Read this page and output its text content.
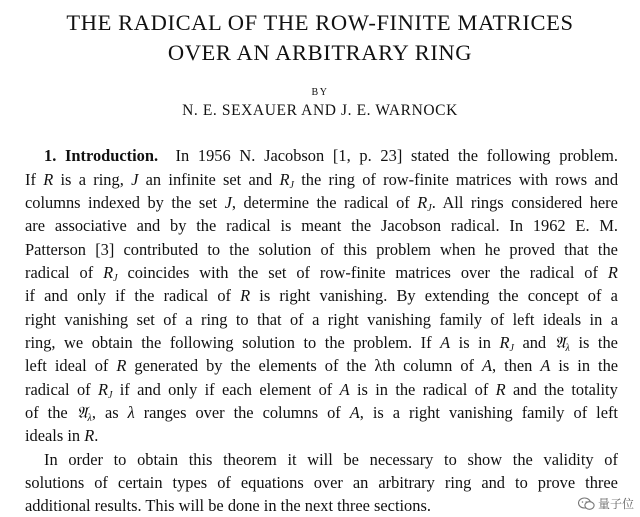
THE RADICAL OF THE ROW-FINITE MATRICES
OVER AN ARBITRARY RING
BY
N. E. SEXAUER AND J. E. WARNOCK
1. Introduction. In 1956 N. Jacobson [1, p. 23] stated the following problem.
If R is a ring, J an infinite set and $R_J$ the ring of row-finite matrices with rows and
columns indexed by the set J, determine the radical of $R_J$. All rings considered here
are associative and by the radical is meant the Jacobson radical. In 1962 E. M.
Patterson [3] contributed to the solution of this problem when he proved that the
radical of $R_J$ coincides with the set of row-finite matrices over the radical of R
if and only if the radical of R is right vanishing. By extending the concept of a
right vanishing set of a ring to that of a right vanishing family of left ideals in a
ring, we obtain the following solution to the problem. If A is in $R_J$ and 𝔄$_\lambda$ is the
left ideal of R generated by the elements of the λth column of A, then A is in the
radical of $R_J$ if and only if each element of A is in the radical of R and the totality
of the 𝔄$_\lambda$, as λ ranges over the columns of A, is a right vanishing family of left
ideals in R.
In order to obtain this theorem it will be necessary to show the validity of
solutions of certain types of equations over an arbitrary ring and to prove three
additional results. This will be done in the next three sections.	量子位
